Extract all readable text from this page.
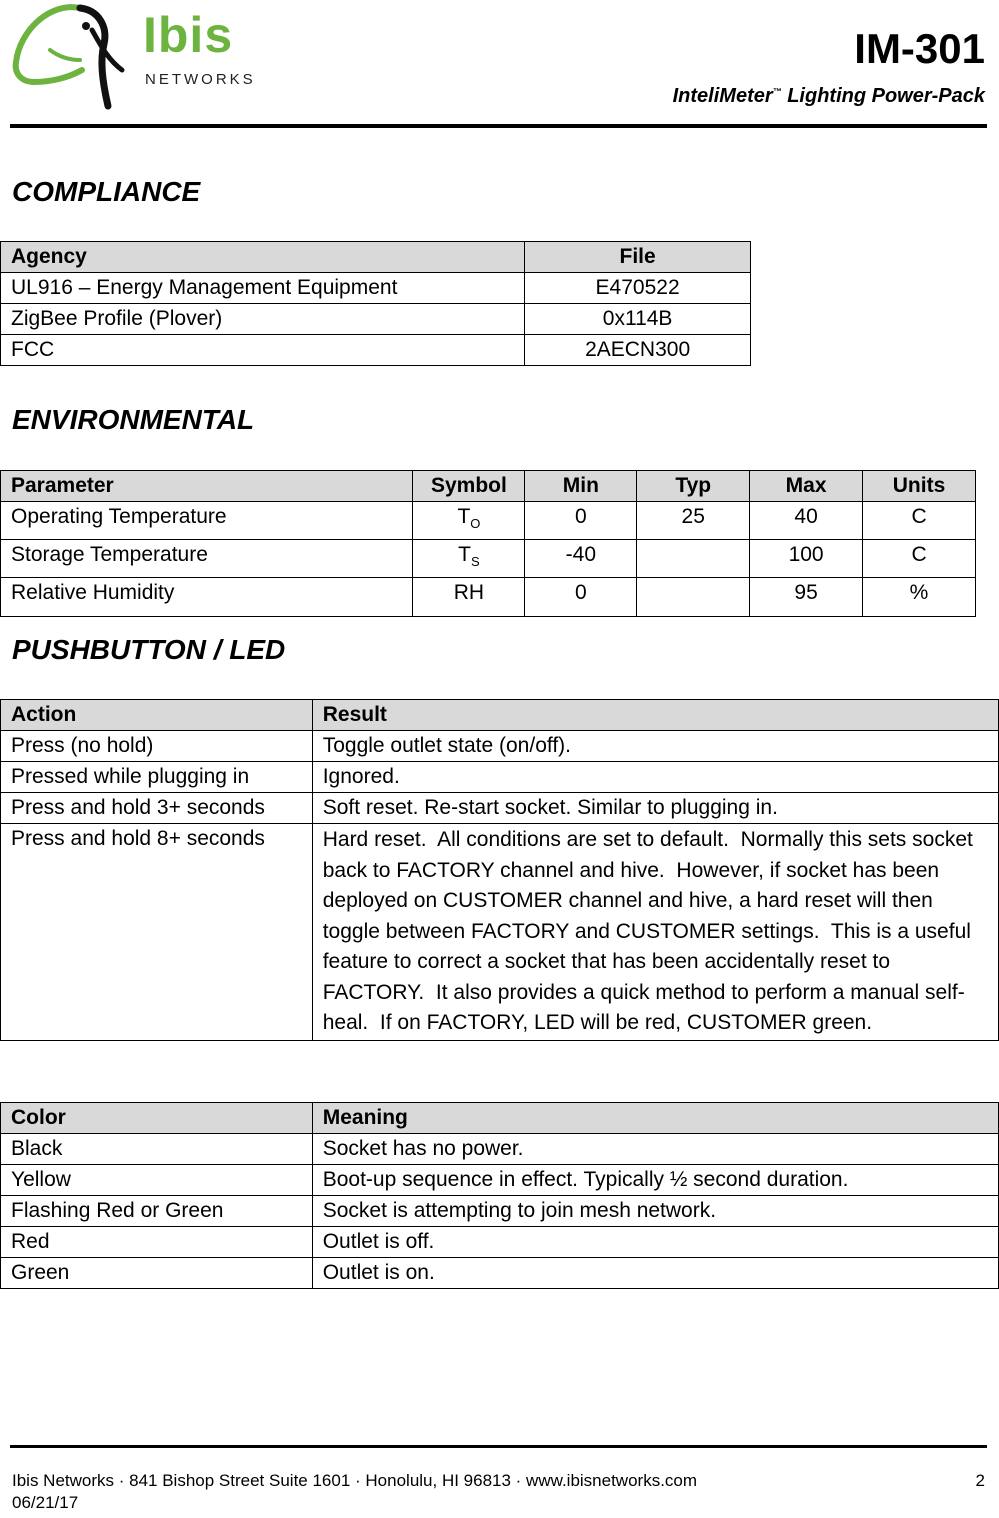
Ibis
NETWORKS
IM-301
InteliMeter™ Lighting Power-Pack
COMPLIANCE
Agency	File
UL916 – Energy Management Equipment	E470522
ZigBee Profile (Plover)	0x114B
FCC	2AECN300
ENVIRONMENTAL
Parameter	Symbol	Min	Typ	Max	Units
Operating Temperature	$T_O$	0	25	40	C
Storage Temperature	$T_S$	-40		100	C
Relative Humidity	RH	0		95	%
PUSHBUTTON / LED
Action	Result
Press (no hold)	Toggle outlet state (on/off).
Pressed while plugging in	Ignored.
Press and hold 3+ seconds	Soft reset. Re-start socket. Similar to plugging in.
Press and hold 8+ seconds	Hard reset.  All conditions are set to default.  Normally this sets socket back to FACTORY channel and hive.  However, if socket has been deployed on CUSTOMER channel and hive, a hard reset will then toggle between FACTORY and CUSTOMER settings.  This is a useful feature to correct a socket that has been accidentally reset to FACTORY.  It also provides a quick method to perform a manual self-heal.  If on FACTORY, LED will be red, CUSTOMER green.
Color	Meaning
Black	Socket has no power.
Yellow	Boot-up sequence in effect. Typically ½ second duration.
Flashing Red or Green	Socket is attempting to join mesh network.
Red	Outlet is off.
Green	Outlet is on.
Ibis Networks · 841 Bishop Street Suite 1601 · Honolulu, HI 96813 · www.ibisnetworks.com
06/21/17
2
